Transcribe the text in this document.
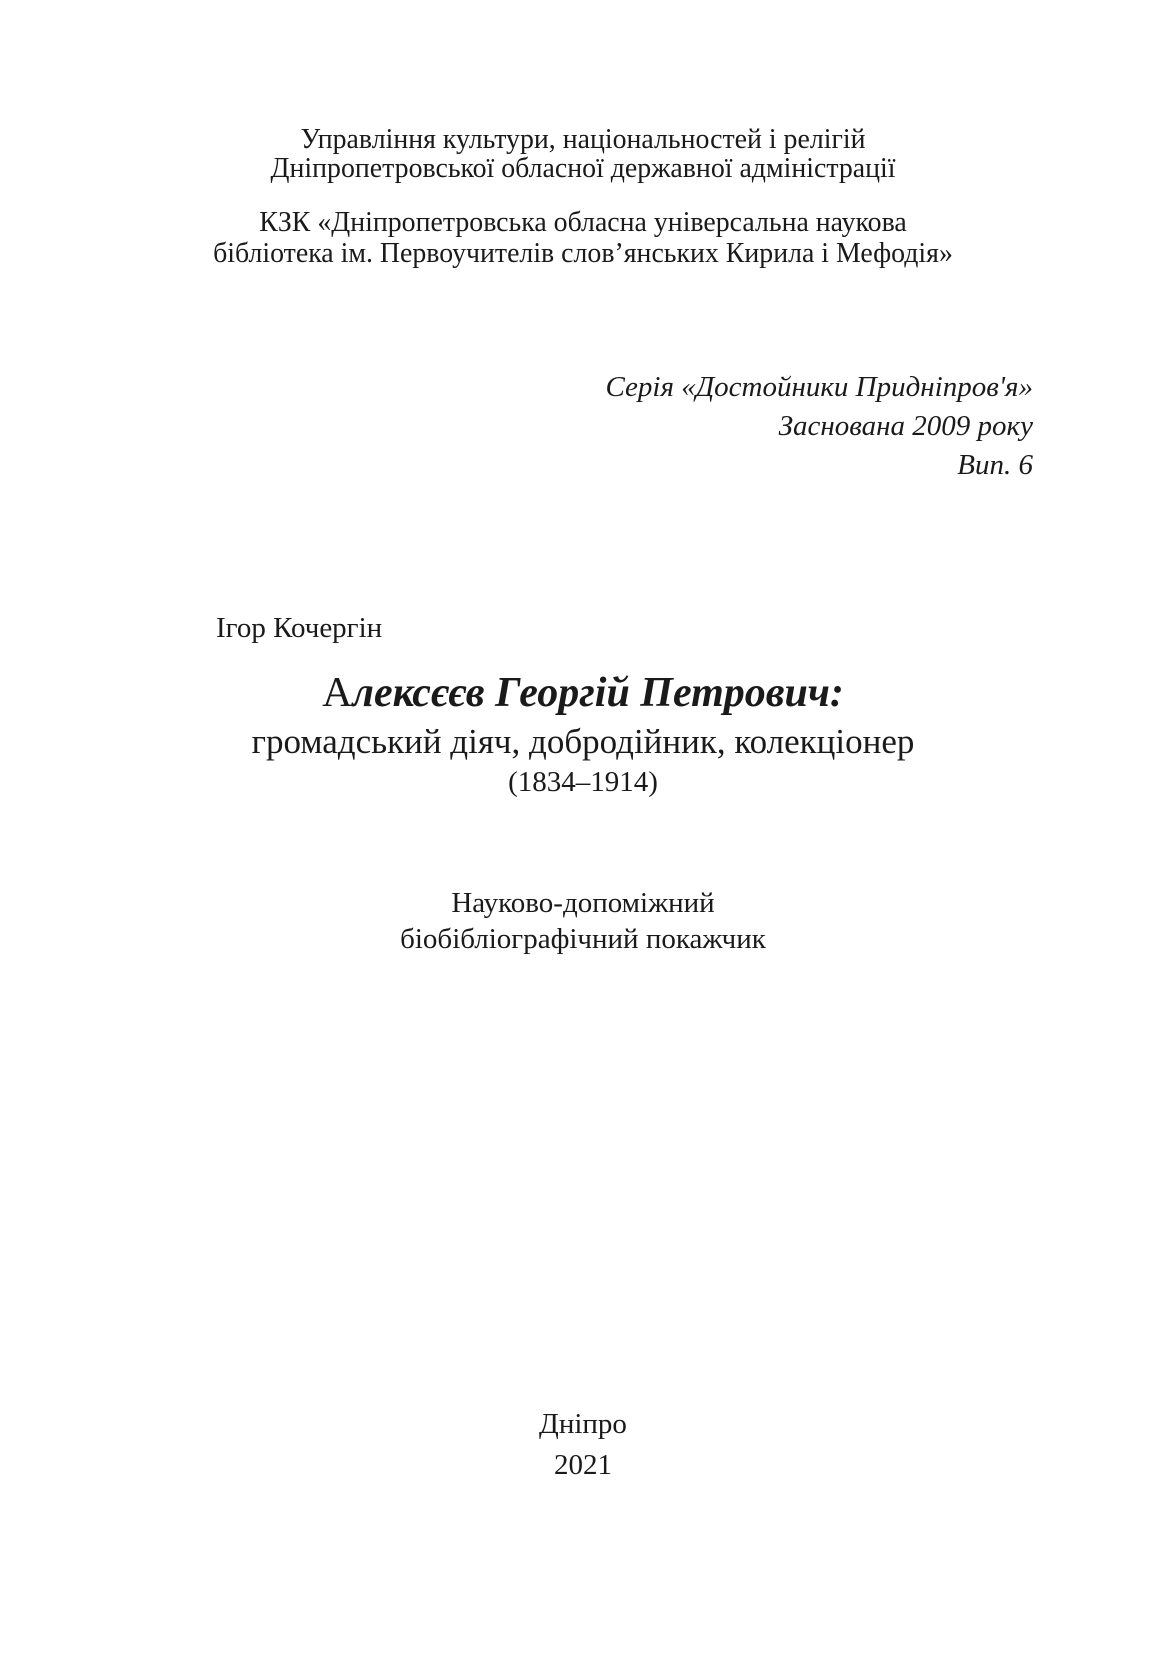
Управління культури, національностей і релігій
Дніпропетровської обласної державної адміністрації
КЗК «Дніпропетровська обласна універсальна наукова
бібліотека ім. Первоучителів слов’янських Кирила і Мефодія»
Серія «Достойники Придніпров'я»
Заснована 2009 року
Вип. 6
Ігор Кочергін
Алексєєв Георгій Петрович:
громадський діяч, добродійник, колекціонер
(1834–1914)
Науково-допоміжний
біобібліографічний покажчик
Дніпро
2021
